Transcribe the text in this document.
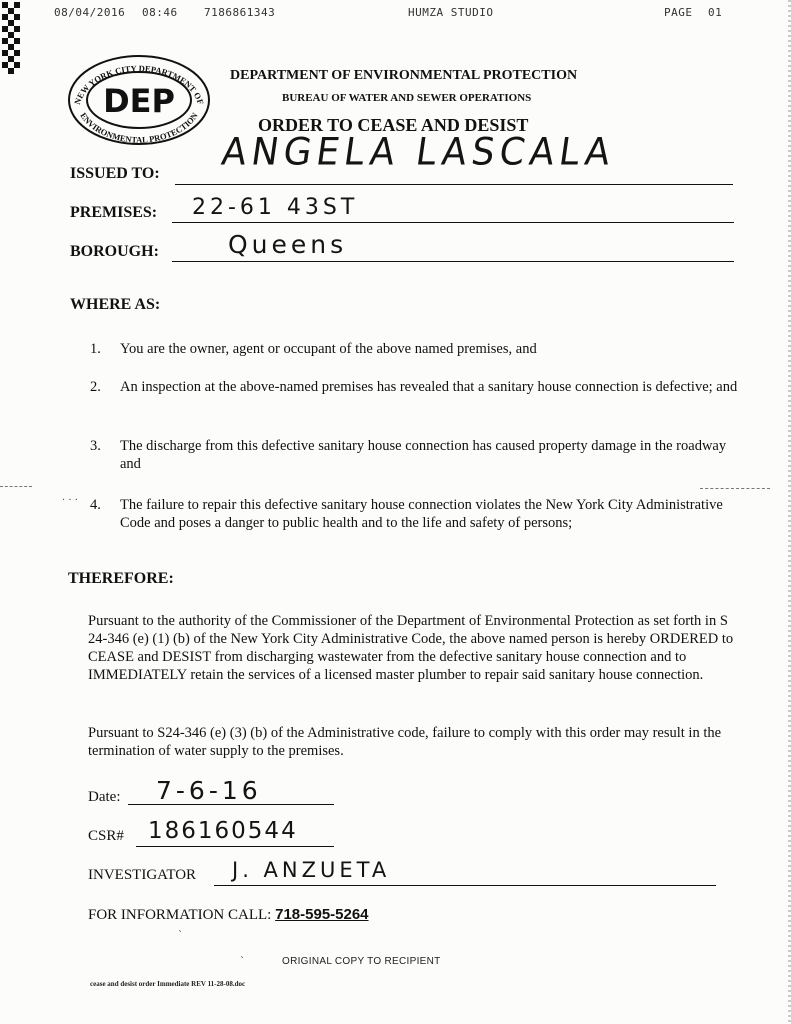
08/04/2016 08:46 7186861343	HUMZA STUDIO	PAGE 01
NEW YORK CITY DEPARTMENT OF
ENVIRONMENTAL PROTECTION
DEP
DEPARTMENT OF ENVIRONMENTAL PROTECTION
BUREAU OF WATER AND SEWER OPERATIONS
ORDER TO CEASE AND DESIST
ISSUED TO: ANGELA LASCALA
PREMISES: 22-61 43ST
BOROUGH:	Queens
WHERE AS:
1.	You are the owner, agent or occupant of the above named premises, and
2.	An inspection at the above-named premises has revealed that a sanitary house connection is defective; and
3.	The discharge from this defective sanitary house connection has caused property damage in the roadway and
4.	The failure to repair this defective sanitary house connection violates the New York City Administrative Code and poses a danger to public health and to the life and safety of persons;
· · ·
THEREFORE:
Pursuant to the authority of the Commissioner of the Department of Environmental Protection as set forth in S 24-346 (e) (1) (b) of the New York City Administrative Code, the above named person is hereby ORDERED to CEASE and DESIST from discharging wastewater from the defective sanitary house connection and to IMMEDIATELY retain the services of a licensed master plumber to repair said sanitary house connection.
Pursuant to S24-346 (e) (3) (b) of the Administrative code, failure to comply with this order may result in the termination of water supply to the premises.
Date: 7-6-16
CSR# 186160544
INVESTIGATOR J. ANZUETA
FOR INFORMATION CALL: 718-595-5264
ˋ
ˋ	ORIGINAL COPY TO RECIPIENT
cease and desist order Immediate REV 11-28-08.doc
